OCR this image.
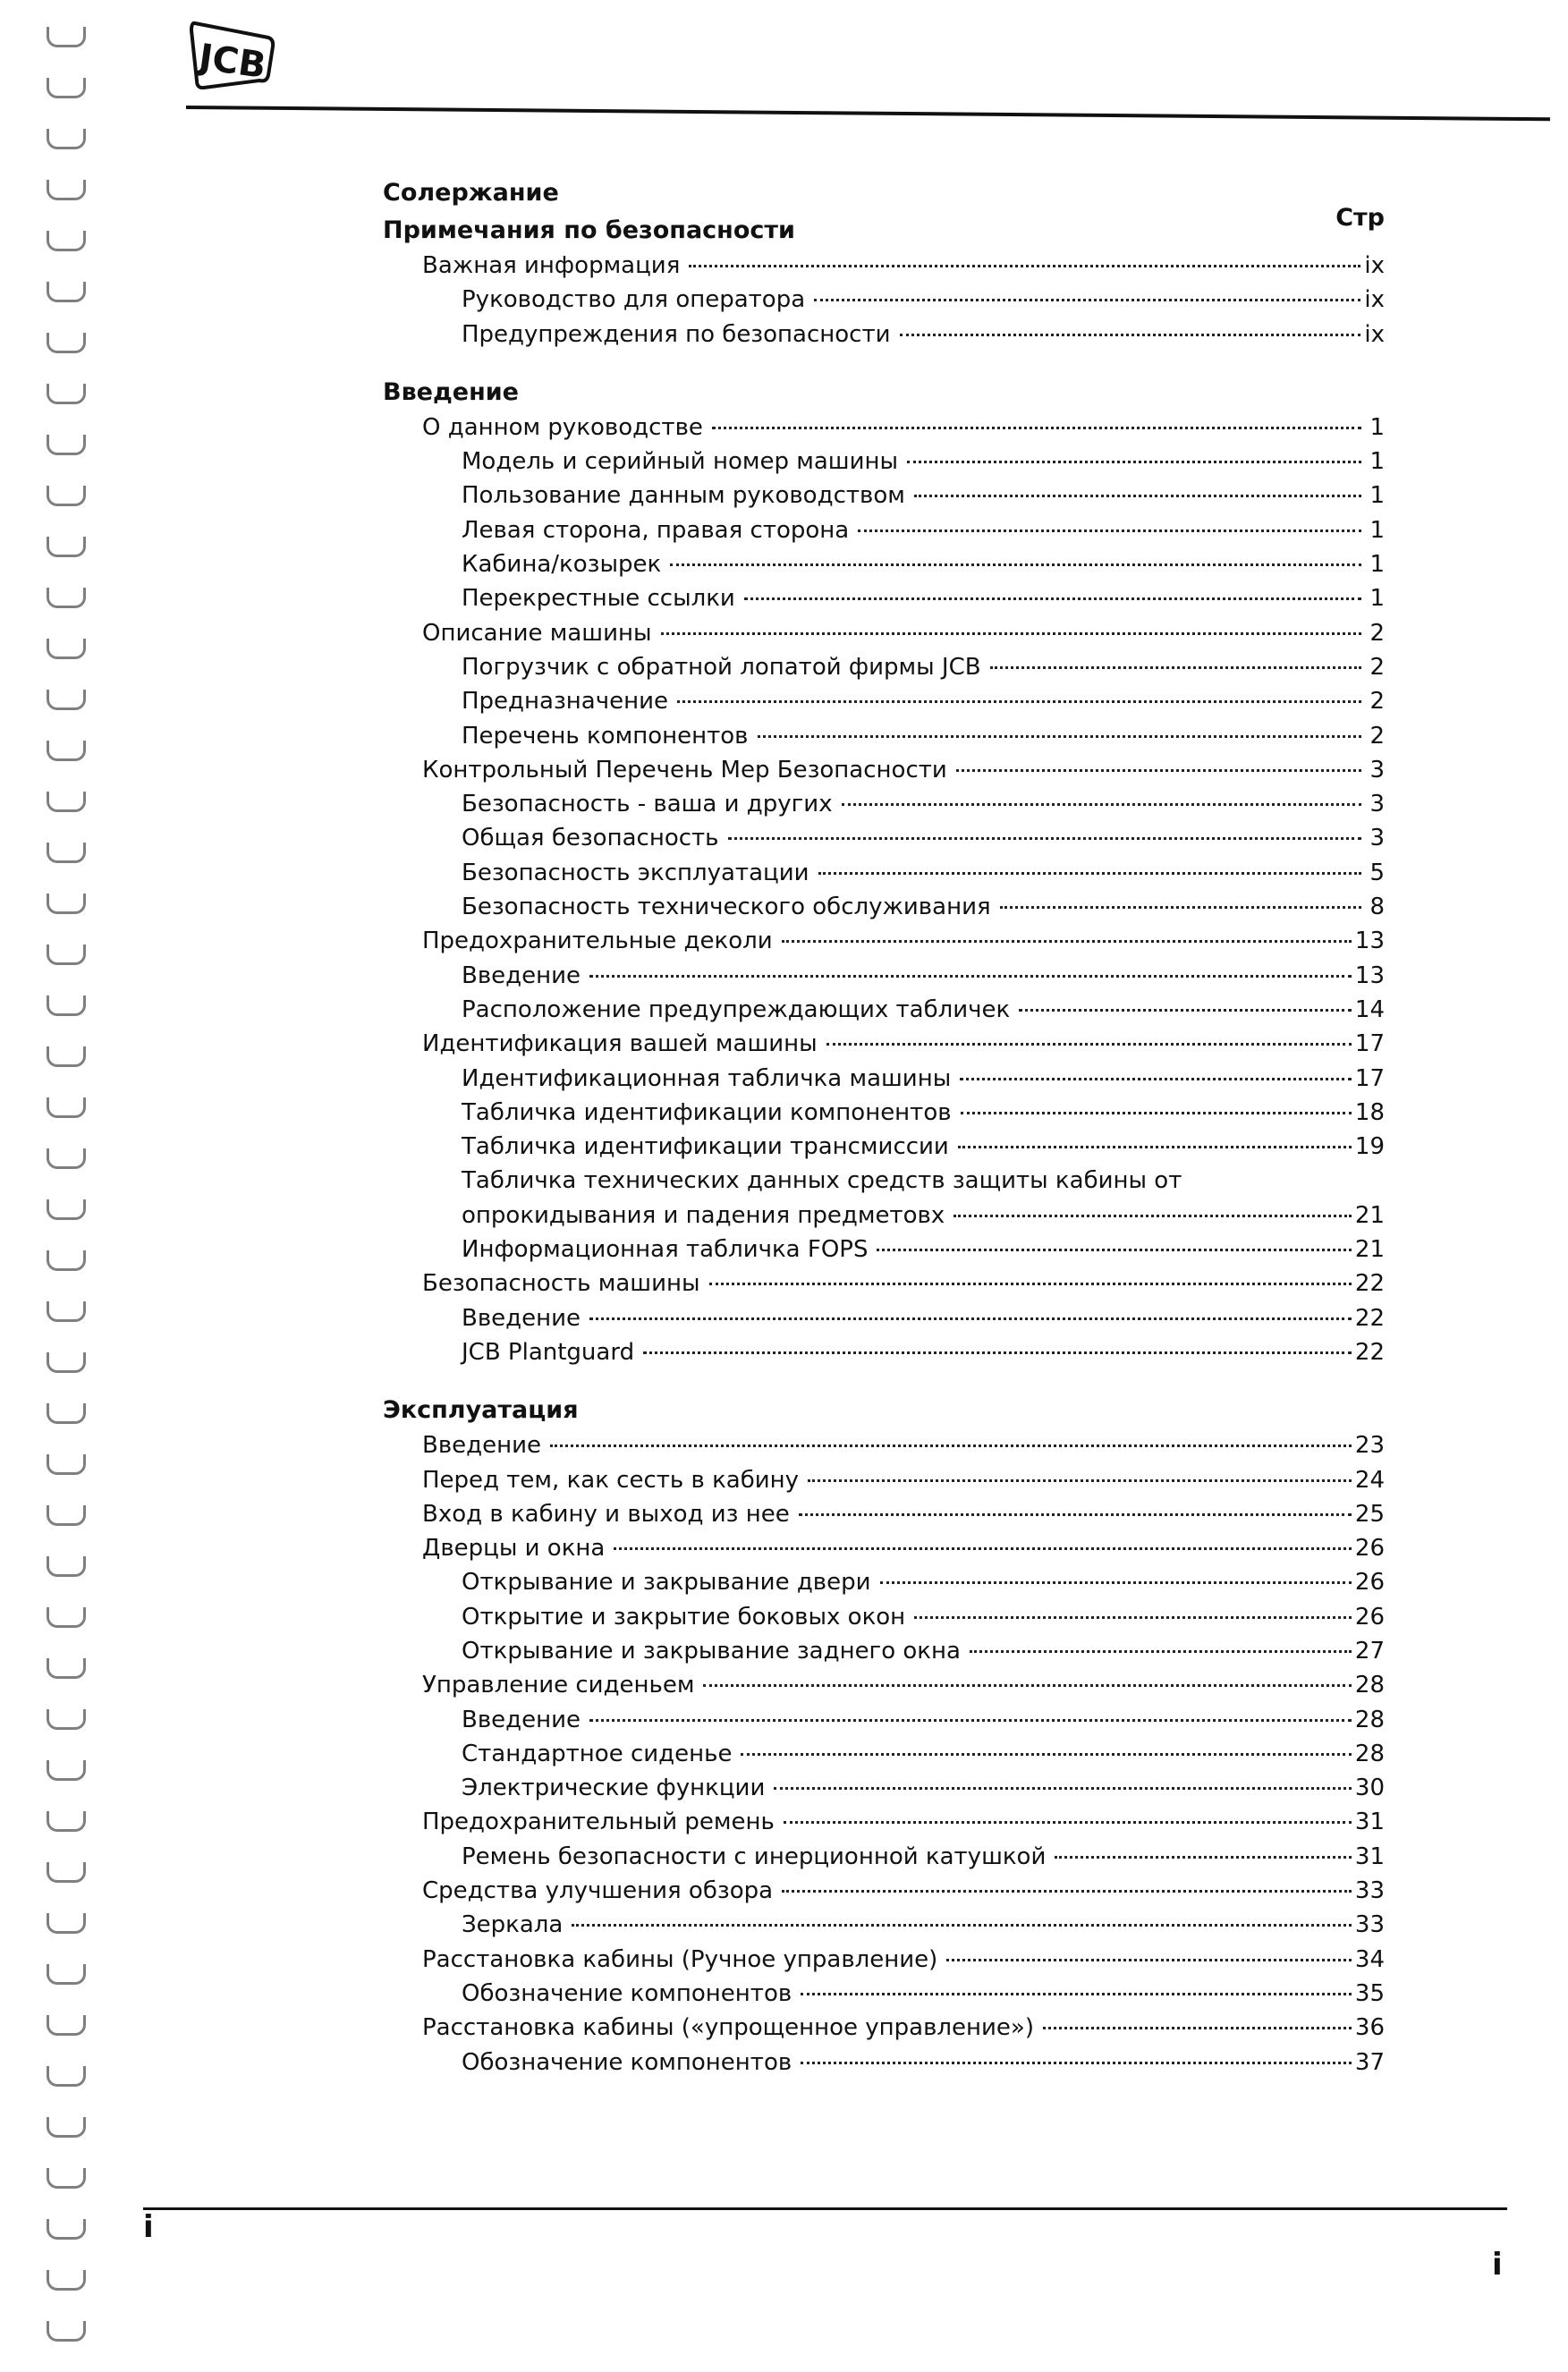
JCB
Солержание
Стр
Примечания по безопасности
Важная информация	ix
Руководство для оператора	ix
Предупреждения по безопасности	ix
Введение
О данном руководстве	1
Модель и серийный номер машины	1
Пользование данным руководством	1
Левая сторона, правая сторона	1
Кабина/козырек	1
Перекрестные ссылки	1
Описание машины	2
Погрузчик с обратной лопатой фирмы JCB	2
Предназначение	2
Перечень компонентов	2
Контрольный Перечень Мер Безопасности	3
Безопасность - ваша и других	3
Общая безопасность	3
Безопасность эксплуатации	5
Безопасность технического обслуживания	8
Предохранительные деколи	13
Введение	13
Расположение предупреждающих табличек	14
Идентификация вашей машины	17
Идентификационная табличка машины	17
Табличка идентификации компонентов	18
Табличка идентификации трансмиссии	19
Табличка технических данных средств защиты кабины от
опрокидывания и падения предметовх	21
Информационная табличка FOPS	21
Безопасность машины	22
Введение	22
JCB Plantguard	22
Эксплуатация
Введение	23
Перед тем, как сесть в кабину	24
Вход в кабину и выход из нее	25
Дверцы и окна	26
Открывание и закрывание двери	26
Открытие и закрытие боковых окон	26
Открывание и закрывание заднего окна	27
Управление сиденьем	28
Введение	28
Стандартное сиденье	28
Электрические функции	30
Предохранительный ремень	31
Ремень безопасности с инерционной катушкой	31
Средства улучшения обзора	33
Зеркала	33
Расстановка кабины (Ручное управление)	34
Обозначение компонентов	35
Расстановка кабины («упрощенное управление»)	36
Обозначение компонентов	37
i
i
